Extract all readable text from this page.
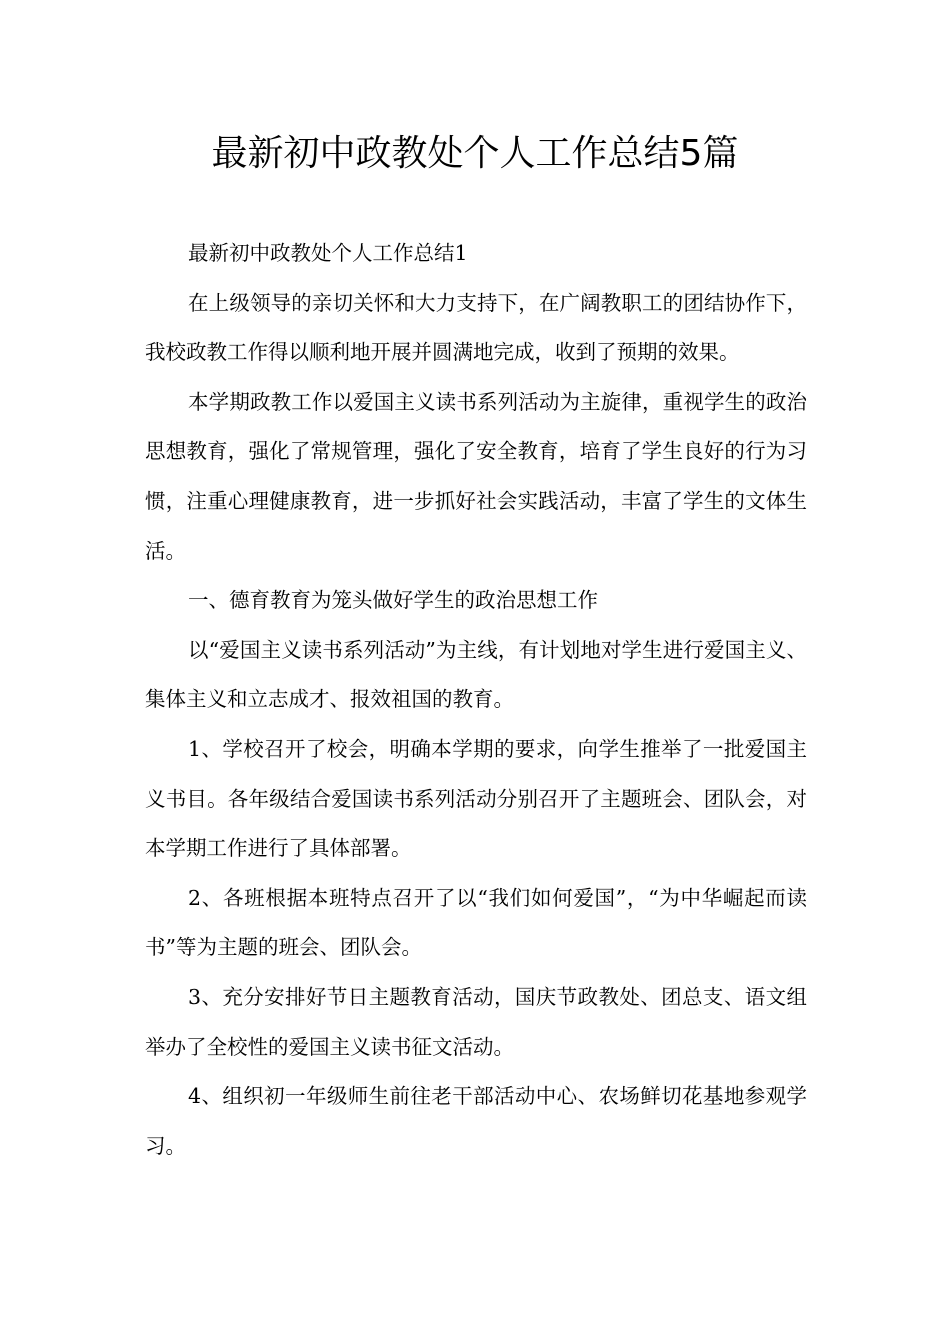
最新初中政教处个人工作总结5篇

最新初中政教处个人工作总结1

在上级领导的亲切关怀和大力支持下，在广阔教职工的团结协作下，我校政教工作得以顺利地开展并圆满地完成，收到了预期的效果。

本学期政教工作以爱国主义读书系列活动为主旋律，重视学生的政治思想教育，强化了常规管理，强化了安全教育，培育了学生良好的行为习惯，注重心理健康教育，进一步抓好社会实践活动，丰富了学生的文体生活。

一、德育教育为笼头做好学生的政治思想工作

以“爱国主义读书系列活动”为主线，有计划地对学生进行爱国主义、集体主义和立志成才、报效祖国的教育。

1、学校召开了校会，明确本学期的要求，向学生推举了一批爱国主义书目。各年级结合爱国读书系列活动分别召开了主题班会、团队会，对本学期工作进行了具体部署。

2、各班根据本班特点召开了以“我们如何爱国”，“为中华崛起而读书”等为主题的班会、团队会。

3、充分安排好节日主题教育活动，国庆节政教处、团总支、语文组举办了全校性的爱国主义读书征文活动。

4、组织初一年级师生前往老干部活动中心、农场鲜切花基地参观学习。
